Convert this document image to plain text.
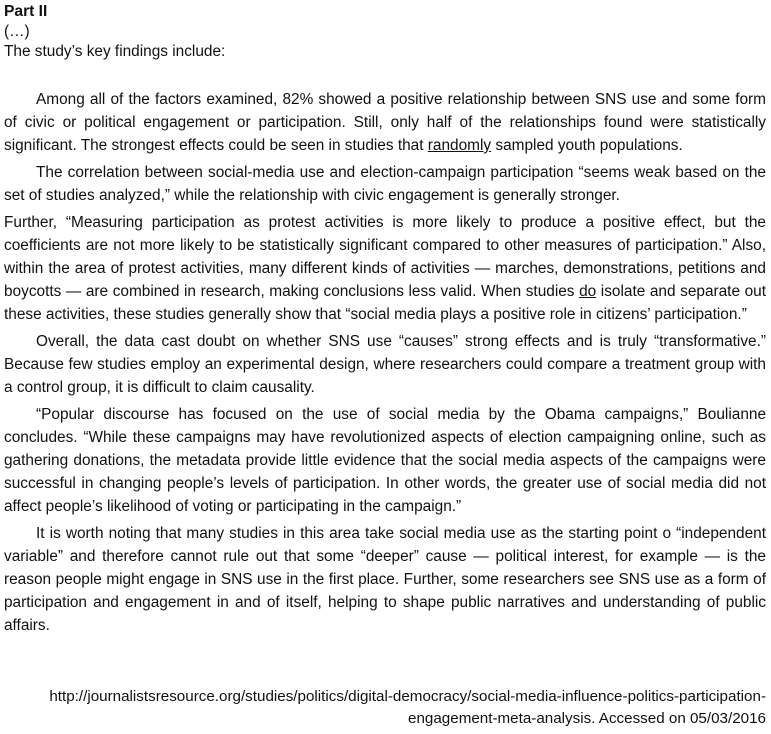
Part II

(…)

The study’s key findings include:

Among all of the factors examined, 82% showed a positive relationship between SNS use and some form of civic or political engagement or participation. Still, only half of the relationships found were statistically significant. The strongest effects could be seen in studies that randomly sampled youth populations.

The correlation between social-media use and election-campaign participation “seems weak based on the set of studies analyzed,” while the relationship with civic engagement is generally stronger.

Further, “Measuring participation as protest activities is more likely to produce a positive effect, but the coefficients are not more likely to be statistically significant compared to other measures of participation.” Also, within the area of protest activities, many different kinds of activities — marches, demonstrations, petitions and boycotts — are combined in research, making conclusions less valid. When studies do isolate and separate out these activities, these studies generally show that “social media plays a positive role in citizens’ participation.”

Overall, the data cast doubt on whether SNS use “causes” strong effects and is truly “transformative.” Because few studies employ an experimental design, where researchers could compare a treatment group with a control group, it is difficult to claim causality.

“Popular discourse has focused on the use of social media by the Obama campaigns,” Boulianne concludes. “While these campaigns may have revolutionized aspects of election campaigning online, such as gathering donations, the metadata provide little evidence that the social media aspects of the campaigns were successful in changing people’s levels of participation. In other words, the greater use of social media did not affect people’s likelihood of voting or participating in the campaign.”

It is worth noting that many studies in this area take social media use as the starting point o “independent variable” and therefore cannot rule out that some “deeper” cause — political interest, for example — is the reason people might engage in SNS use in the first place. Further, some researchers see SNS use as a form of participation and engagement in and of itself, helping to shape public narratives and understanding of public affairs.

http://journalistsresource.org/studies/politics/digital-democracy/social-media-influence-politics-participation-
engagement-meta-analysis. Accessed on 05/03/2016
